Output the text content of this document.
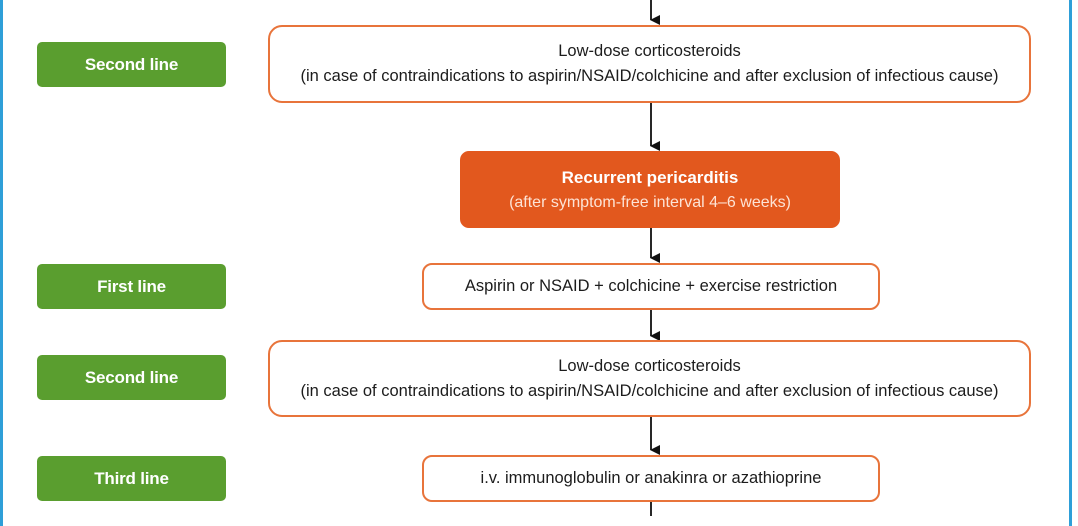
Second line
Low-dose corticosteroids
(in case of contraindications to aspirin/NSAID/colchicine and after exclusion of infectious cause)
Recurrent pericarditis
(after symptom-free interval 4–6 weeks)
First line	Aspirin or NSAID + colchicine + exercise restriction
Second line
Low-dose corticosteroids
(in case of contraindications to aspirin/NSAID/colchicine and after exclusion of infectious cause)
Third line	i.v. immunoglobulin or anakinra or azathioprine
